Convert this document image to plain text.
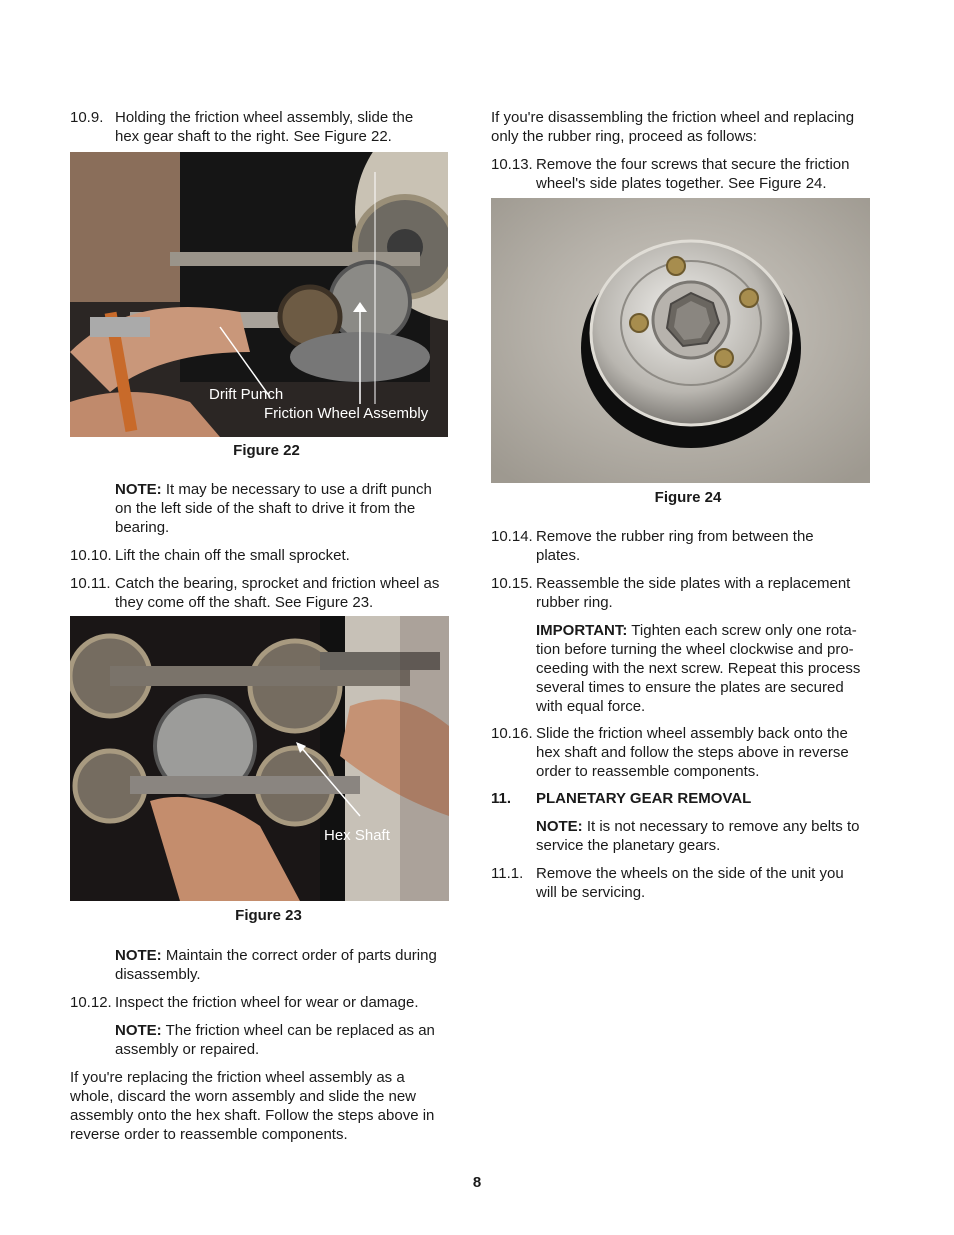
10.9. Holding the friction wheel assembly, slide the
hex gear shaft to the right. See Figure 22.
Drift Punch
Friction Wheel Assembly
Figure 22
NOTE: It may be necessary to use a drift punch
on the left side of the shaft to drive it from the
bearing.
10.10. Lift the chain off the small sprocket.
10.11. Catch the bearing, sprocket and friction wheel as
they come off the shaft. See Figure 23.
Hex Shaft
Figure 23
NOTE: Maintain the correct order of parts during
disassembly.
10.12. Inspect the friction wheel for wear or damage.
NOTE: The friction wheel can be replaced as an
assembly or repaired.
If you're replacing the friction wheel assembly as a
whole, discard the worn assembly and slide the new
assembly onto the hex shaft. Follow the steps above in
reverse order to reassemble components.
If you're disassembling the friction wheel and replacing
only the rubber ring, proceed as follows:
10.13. Remove the four screws that secure the friction
wheel's side plates together. See Figure 24.
Figure 24
10.14. Remove the rubber ring from between the
plates.
10.15. Reassemble the side plates with a replacement
rubber ring.
IMPORTANT: Tighten each screw only one rota-
tion before turning the wheel clockwise and pro-
ceeding with the next screw. Repeat this process
several times to ensure the plates are secured
with equal force.
10.16. Slide the friction wheel assembly back onto the
hex shaft and follow the steps above in reverse
order to reassemble components.
11. PLANETARY GEAR REMOVAL
NOTE: It is not necessary to remove any belts to
service the planetary gears.
11.1. Remove the wheels on the side of the unit you
will be servicing.
8
